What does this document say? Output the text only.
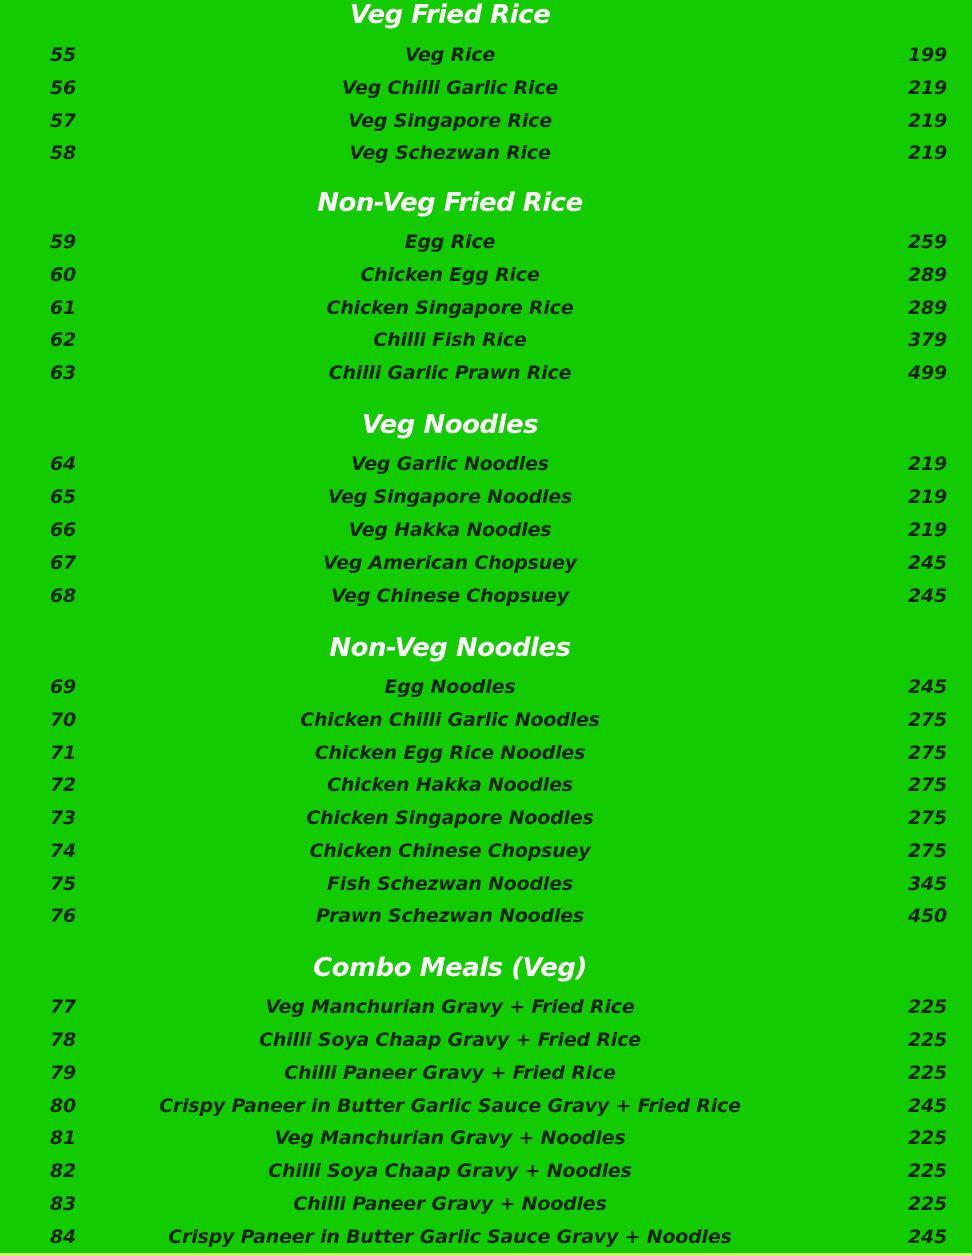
Veg Fried Rice
55	Veg Rice	199
56	Veg Chilli Garlic Rice	219
57	Veg Singapore Rice	219
58	Veg Schezwan Rice	219
Non-Veg Fried Rice
59	Egg Rice	259
60	Chicken Egg Rice	289
61	Chicken Singapore Rice	289
62	Chilli Fish Rice	379
63	Chilli Garlic Prawn Rice	499
Veg Noodles
64	Veg Garlic Noodles	219
65	Veg Singapore Noodles	219
66	Veg Hakka Noodles	219
67	Veg American Chopsuey	245
68	Veg Chinese Chopsuey	245
Non-Veg Noodles
69	Egg Noodles	245
70	Chicken Chilli Garlic Noodles	275
71	Chicken Egg Rice Noodles	275
72	Chicken Hakka Noodles	275
73	Chicken Singapore Noodles	275
74	Chicken Chinese Chopsuey	275
75	Fish Schezwan Noodles	345
76	Prawn Schezwan Noodles	450
Combo Meals (Veg)
77	Veg Manchurian Gravy + Fried Rice	225
78	Chilli Soya Chaap Gravy + Fried Rice	225
79	Chilli Paneer Gravy + Fried Rice	225
80	Crispy Paneer in Butter Garlic Sauce Gravy + Fried Rice	245
81	Veg Manchurian Gravy + Noodles	225
82	Chilli Soya Chaap Gravy + Noodles	225
83	Chilli Paneer Gravy + Noodles	225
84	Crispy Paneer in Butter Garlic Sauce Gravy + Noodles	245
